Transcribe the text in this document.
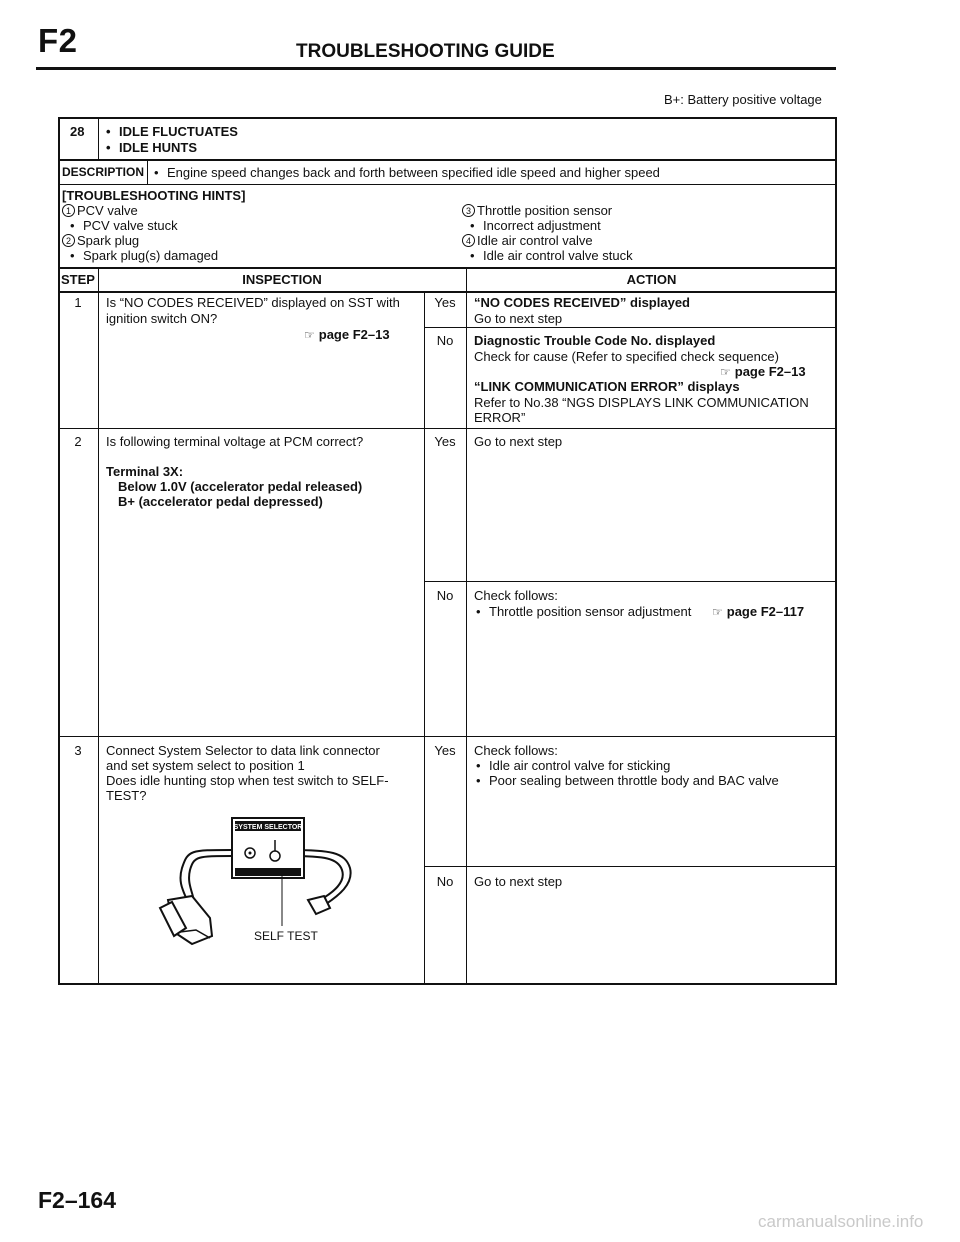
F2	TROUBLESHOOTING GUIDE
B+: Battery positive voltage
28	• IDLE FLUCTUATES
• IDLE HUNTS
DESCRIPTION	• Engine speed changes back and forth between specified idle speed and higher speed
[TROUBLESHOOTING HINTS]
1 PCV valve
• PCV valve stuck
2 Spark plug
• Spark plug(s) damaged
3 Throttle position sensor
• Incorrect adjustment
4 Idle air control valve
• Idle air control valve stuck
STEP	INSPECTION	ACTION
1	Is “NO CODES RECEIVED” displayed on SST with
ignition switch ON?
☞ page F2–13
Yes	“NO CODES RECEIVED” displayed
Go to next step
No	Diagnostic Trouble Code No. displayed
Check for cause (Refer to specified check sequence)
☞ page F2–13
“LINK COMMUNICATION ERROR” displays
Refer to No.38 “NGS DISPLAYS LINK COMMUNICATION
ERROR”
2	Is following terminal voltage at PCM correct?
Terminal 3X:
Below 1.0V (accelerator pedal released)
B+ (accelerator pedal depressed)
Yes	Go to next step
No	Check follows:
• Throttle position sensor adjustment ☞ page F2–117
3	Connect System Selector to data link connector
and set system select to position 1
Does idle hunting stop when test switch to SELF-
TEST?
SYSTEM SELECTOR
SELF TEST
Yes	Check follows:
• Idle air control valve for sticking
• Poor sealing between throttle body and BAC valve
No	Go to next step
F2–164
carmanualsonline.info
